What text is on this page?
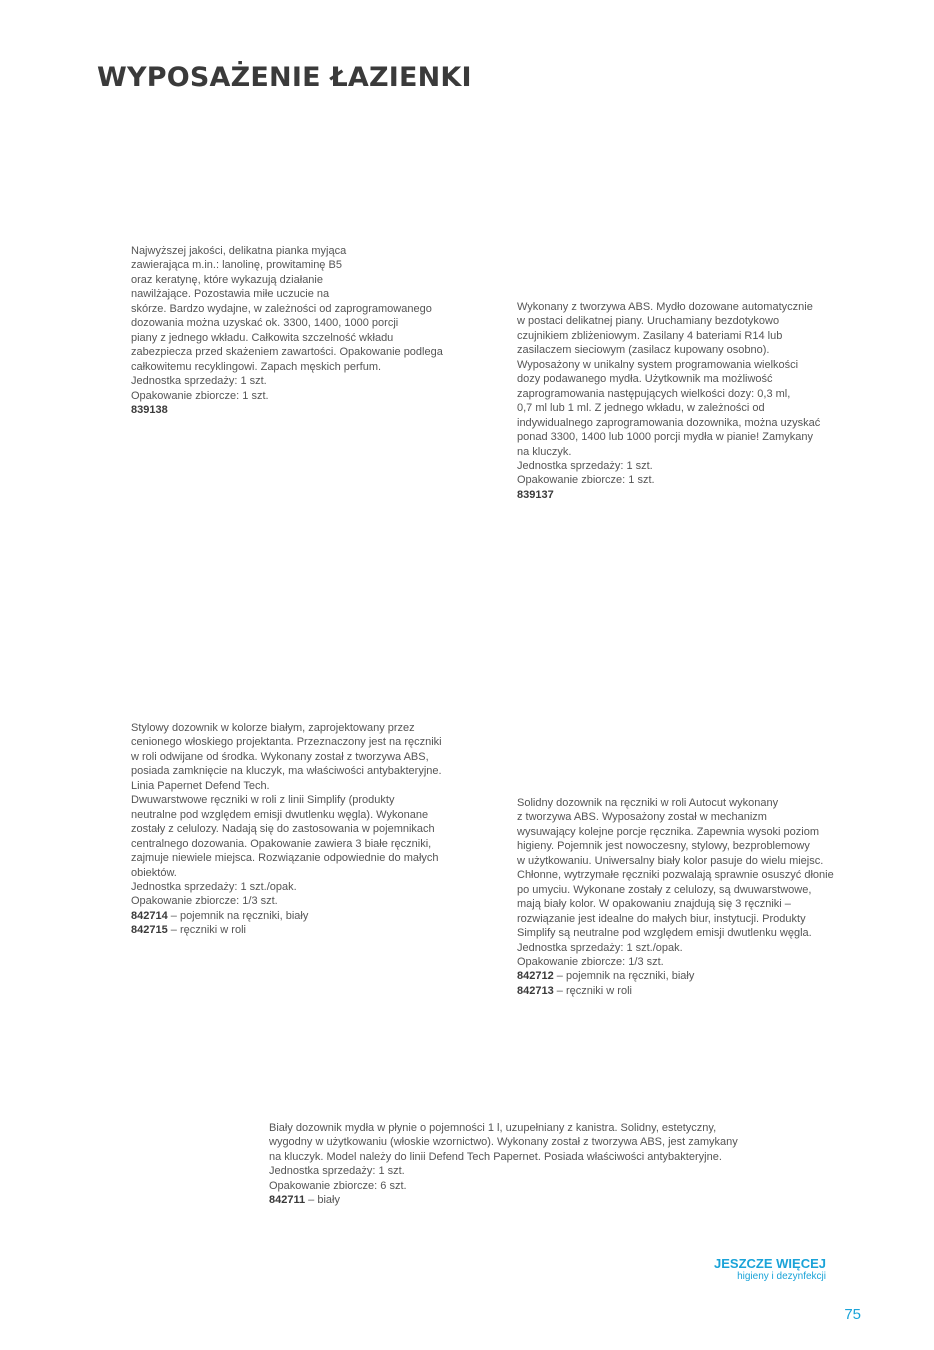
WYPOSAŻENIE ŁAZIENKI
Najwyższej jakości, delikatna pianka myjąca
zawierająca m.in.: lanolinę, prowitaminę B5
oraz keratynę, które wykazują działanie
nawilżające. Pozostawia miłe uczucie na
skórze. Bardzo wydajne, w zależności od zaprogramowanego
dozowania można uzyskać ok. 3300, 1400, 1000 porcji
piany z jednego wkładu. Całkowita szczelność wkładu
zabezpiecza przed skażeniem zawartości. Opakowanie podlega
całkowitemu recyklingowi. Zapach męskich perfum.
Jednostka sprzedaży: 1 szt.
Opakowanie zbiorcze: 1 szt.
839138
Wykonany z tworzywa ABS. Mydło dozowane automatycznie
w postaci delikatnej piany. Uruchamiany bezdotykowo
czujnikiem zbliżeniowym. Zasilany 4 bateriami R14 lub
zasilaczem sieciowym (zasilacz kupowany osobno).
Wyposażony w unikalny system programowania wielkości
dozy podawanego mydła. Użytkownik ma możliwość
zaprogramowania następujących wielkości dozy: 0,3 ml,
0,7 ml lub 1 ml. Z jednego wkładu, w zależności od
indywidualnego zaprogramowania dozownika, można uzyskać
ponad 3300, 1400 lub 1000 porcji mydła w pianie! Zamykany
na kluczyk.
Jednostka sprzedaży: 1 szt.
Opakowanie zbiorcze: 1 szt.
839137
Stylowy dozownik w kolorze białym, zaprojektowany przez
cenionego włoskiego projektanta. Przeznaczony jest na ręczniki
w roli odwijane od środka. Wykonany został z tworzywa ABS,
posiada zamknięcie na kluczyk, ma właściwości antybakteryjne.
Linia Papernet Defend Tech.
Dwuwarstwowe ręczniki w roli z linii Simplify (produkty
neutralne pod względem emisji dwutlenku węgla). Wykonane
zostały z celulozy. Nadają się do zastosowania w pojemnikach
centralnego dozowania. Opakowanie zawiera 3 białe ręczniki,
zajmuje niewiele miejsca. Rozwiązanie odpowiednie do małych
obiektów.
Jednostka sprzedaży: 1 szt./opak.
Opakowanie zbiorcze: 1/3 szt.
842714 – pojemnik na ręczniki, biały
842715 – ręczniki w roli
Solidny dozownik na ręczniki w roli Autocut wykonany
z tworzywa ABS. Wyposażony został w mechanizm
wysuwający kolejne porcje ręcznika. Zapewnia wysoki poziom
higieny. Pojemnik jest nowoczesny, stylowy, bezproblemowy
w użytkowaniu. Uniwersalny biały kolor pasuje do wielu miejsc.
Chłonne, wytrzymałe ręczniki pozwalają sprawnie osuszyć dłonie
po umyciu. Wykonane zostały z celulozy, są dwuwarstwowe,
mają biały kolor. W opakowaniu znajdują się 3 ręczniki –
rozwiązanie jest idealne do małych biur, instytucji. Produkty
Simplify są neutralne pod względem emisji dwutlenku węgla.
Jednostka sprzedaży: 1 szt./opak.
Opakowanie zbiorcze: 1/3 szt.
842712 – pojemnik na ręczniki, biały
842713 – ręczniki w roli
Biały dozownik mydła w płynie o pojemności 1 l, uzupełniany z kanistra. Solidny, estetyczny,
wygodny w użytkowaniu (włoskie wzornictwo). Wykonany został z tworzywa ABS, jest zamykany
na kluczyk. Model należy do linii Defend Tech Papernet. Posiada właściwości antybakteryjne.
Jednostka sprzedaży: 1 szt.
Opakowanie zbiorcze: 6 szt.
842711 – biały
JESZCZE WIĘCEJ
higieny i dezynfekcji
75
